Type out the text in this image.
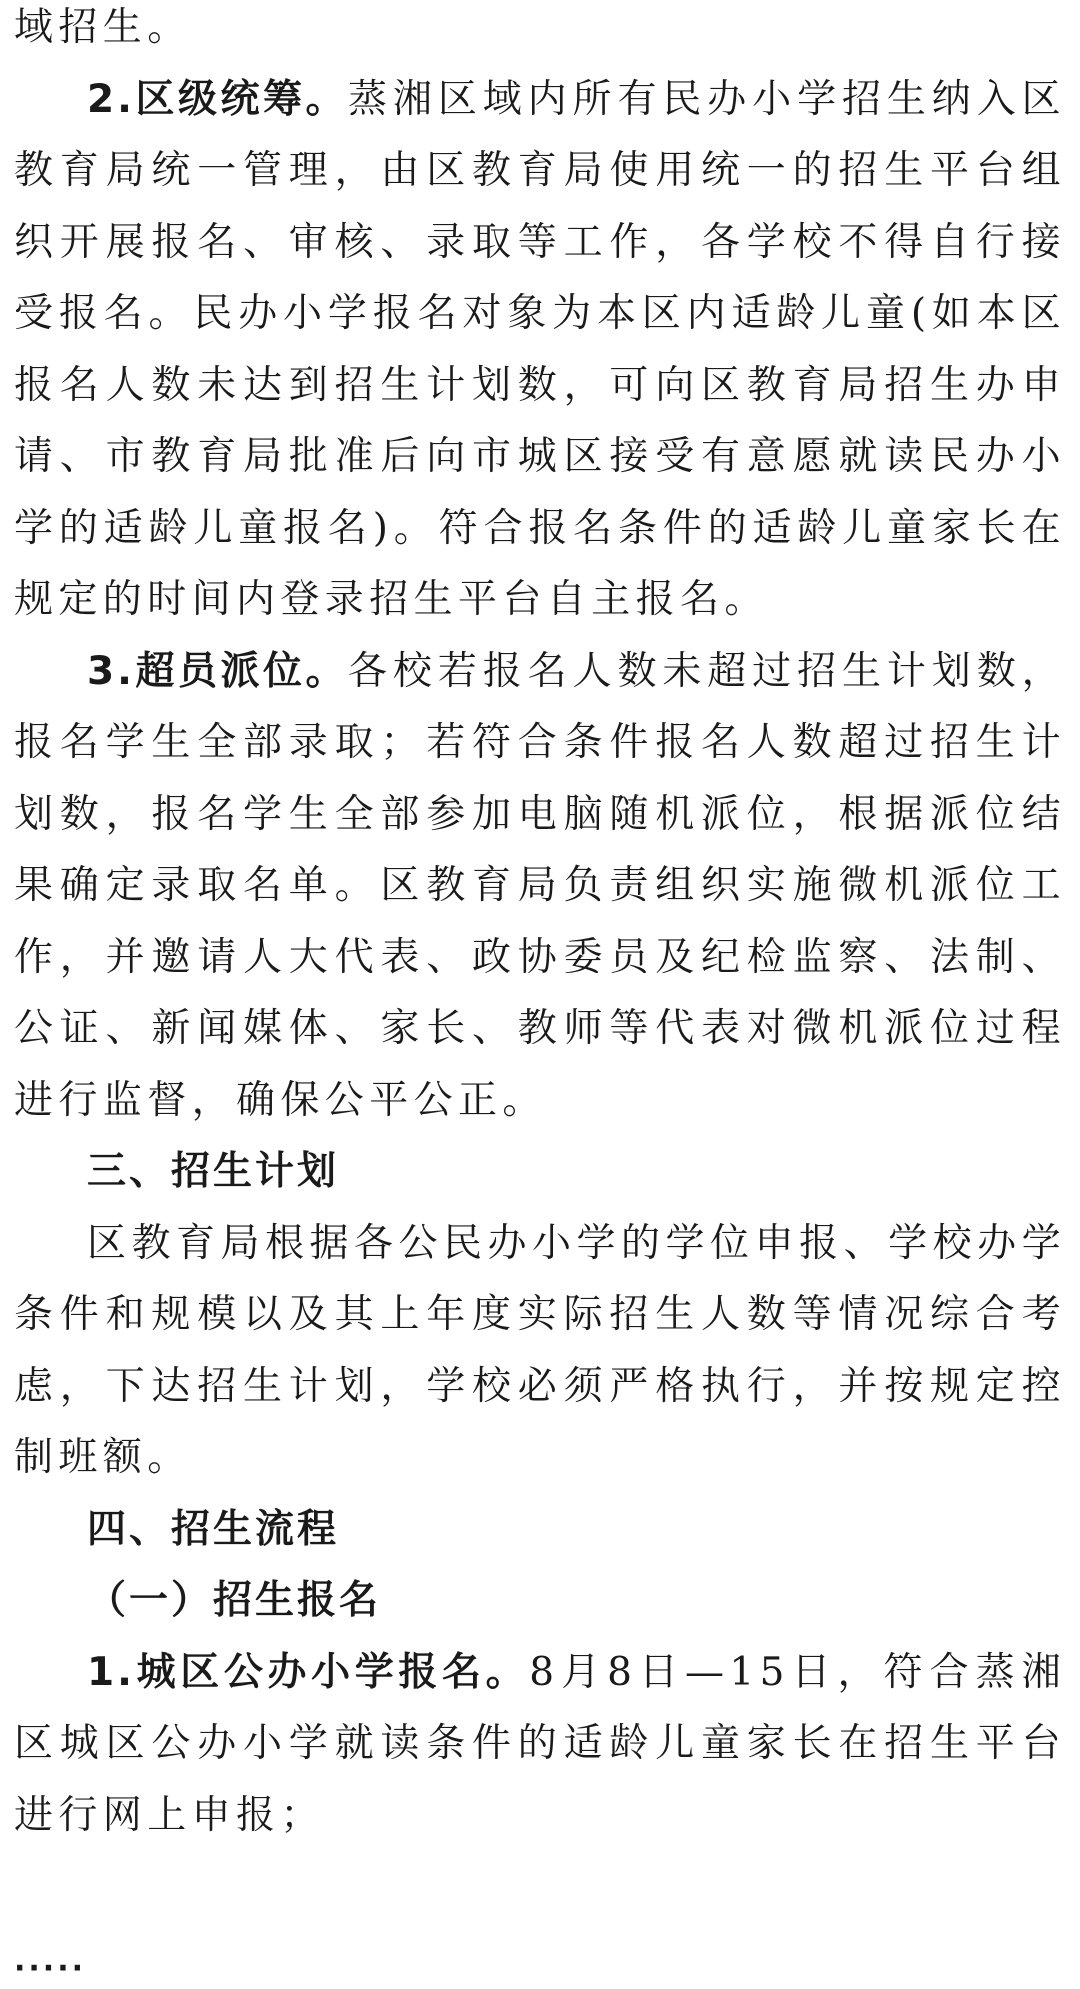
域招生。

2.区级统筹。蒸湘区域内所有民办小学招生纳入区教育局统一管理，由区教育局使用统一的招生平台组织开展报名、审核、录取等工作，各学校不得自行接受报名。民办小学报名对象为本区内适龄儿童(如本区报名人数未达到招生计划数，可向区教育局招生办申请、市教育局批准后向市城区接受有意愿就读民办小学的适龄儿童报名)。符合报名条件的适龄儿童家长在规定的时间内登录招生平台自主报名。

3.超员派位。各校若报名人数未超过招生计划数，报名学生全部录取；若符合条件报名人数超过招生计划数，报名学生全部参加电脑随机派位，根据派位结果确定录取名单。区教育局负责组织实施微机派位工作，并邀请人大代表、政协委员及纪检监察、法制、公证、新闻媒体、家长、教师等代表对微机派位过程进行监督，确保公平公正。

三、招生计划

区教育局根据各公民办小学的学位申报、学校办学条件和规模以及其上年度实际招生人数等情况综合考虑，下达招生计划，学校必须严格执行，并按规定控制班额。

四、招生流程

（一）招生报名

1.城区公办小学报名。8月8日—15日，符合蒸湘区城区公办小学就读条件的适龄儿童家长在招生平台进行网上申报；

·····
